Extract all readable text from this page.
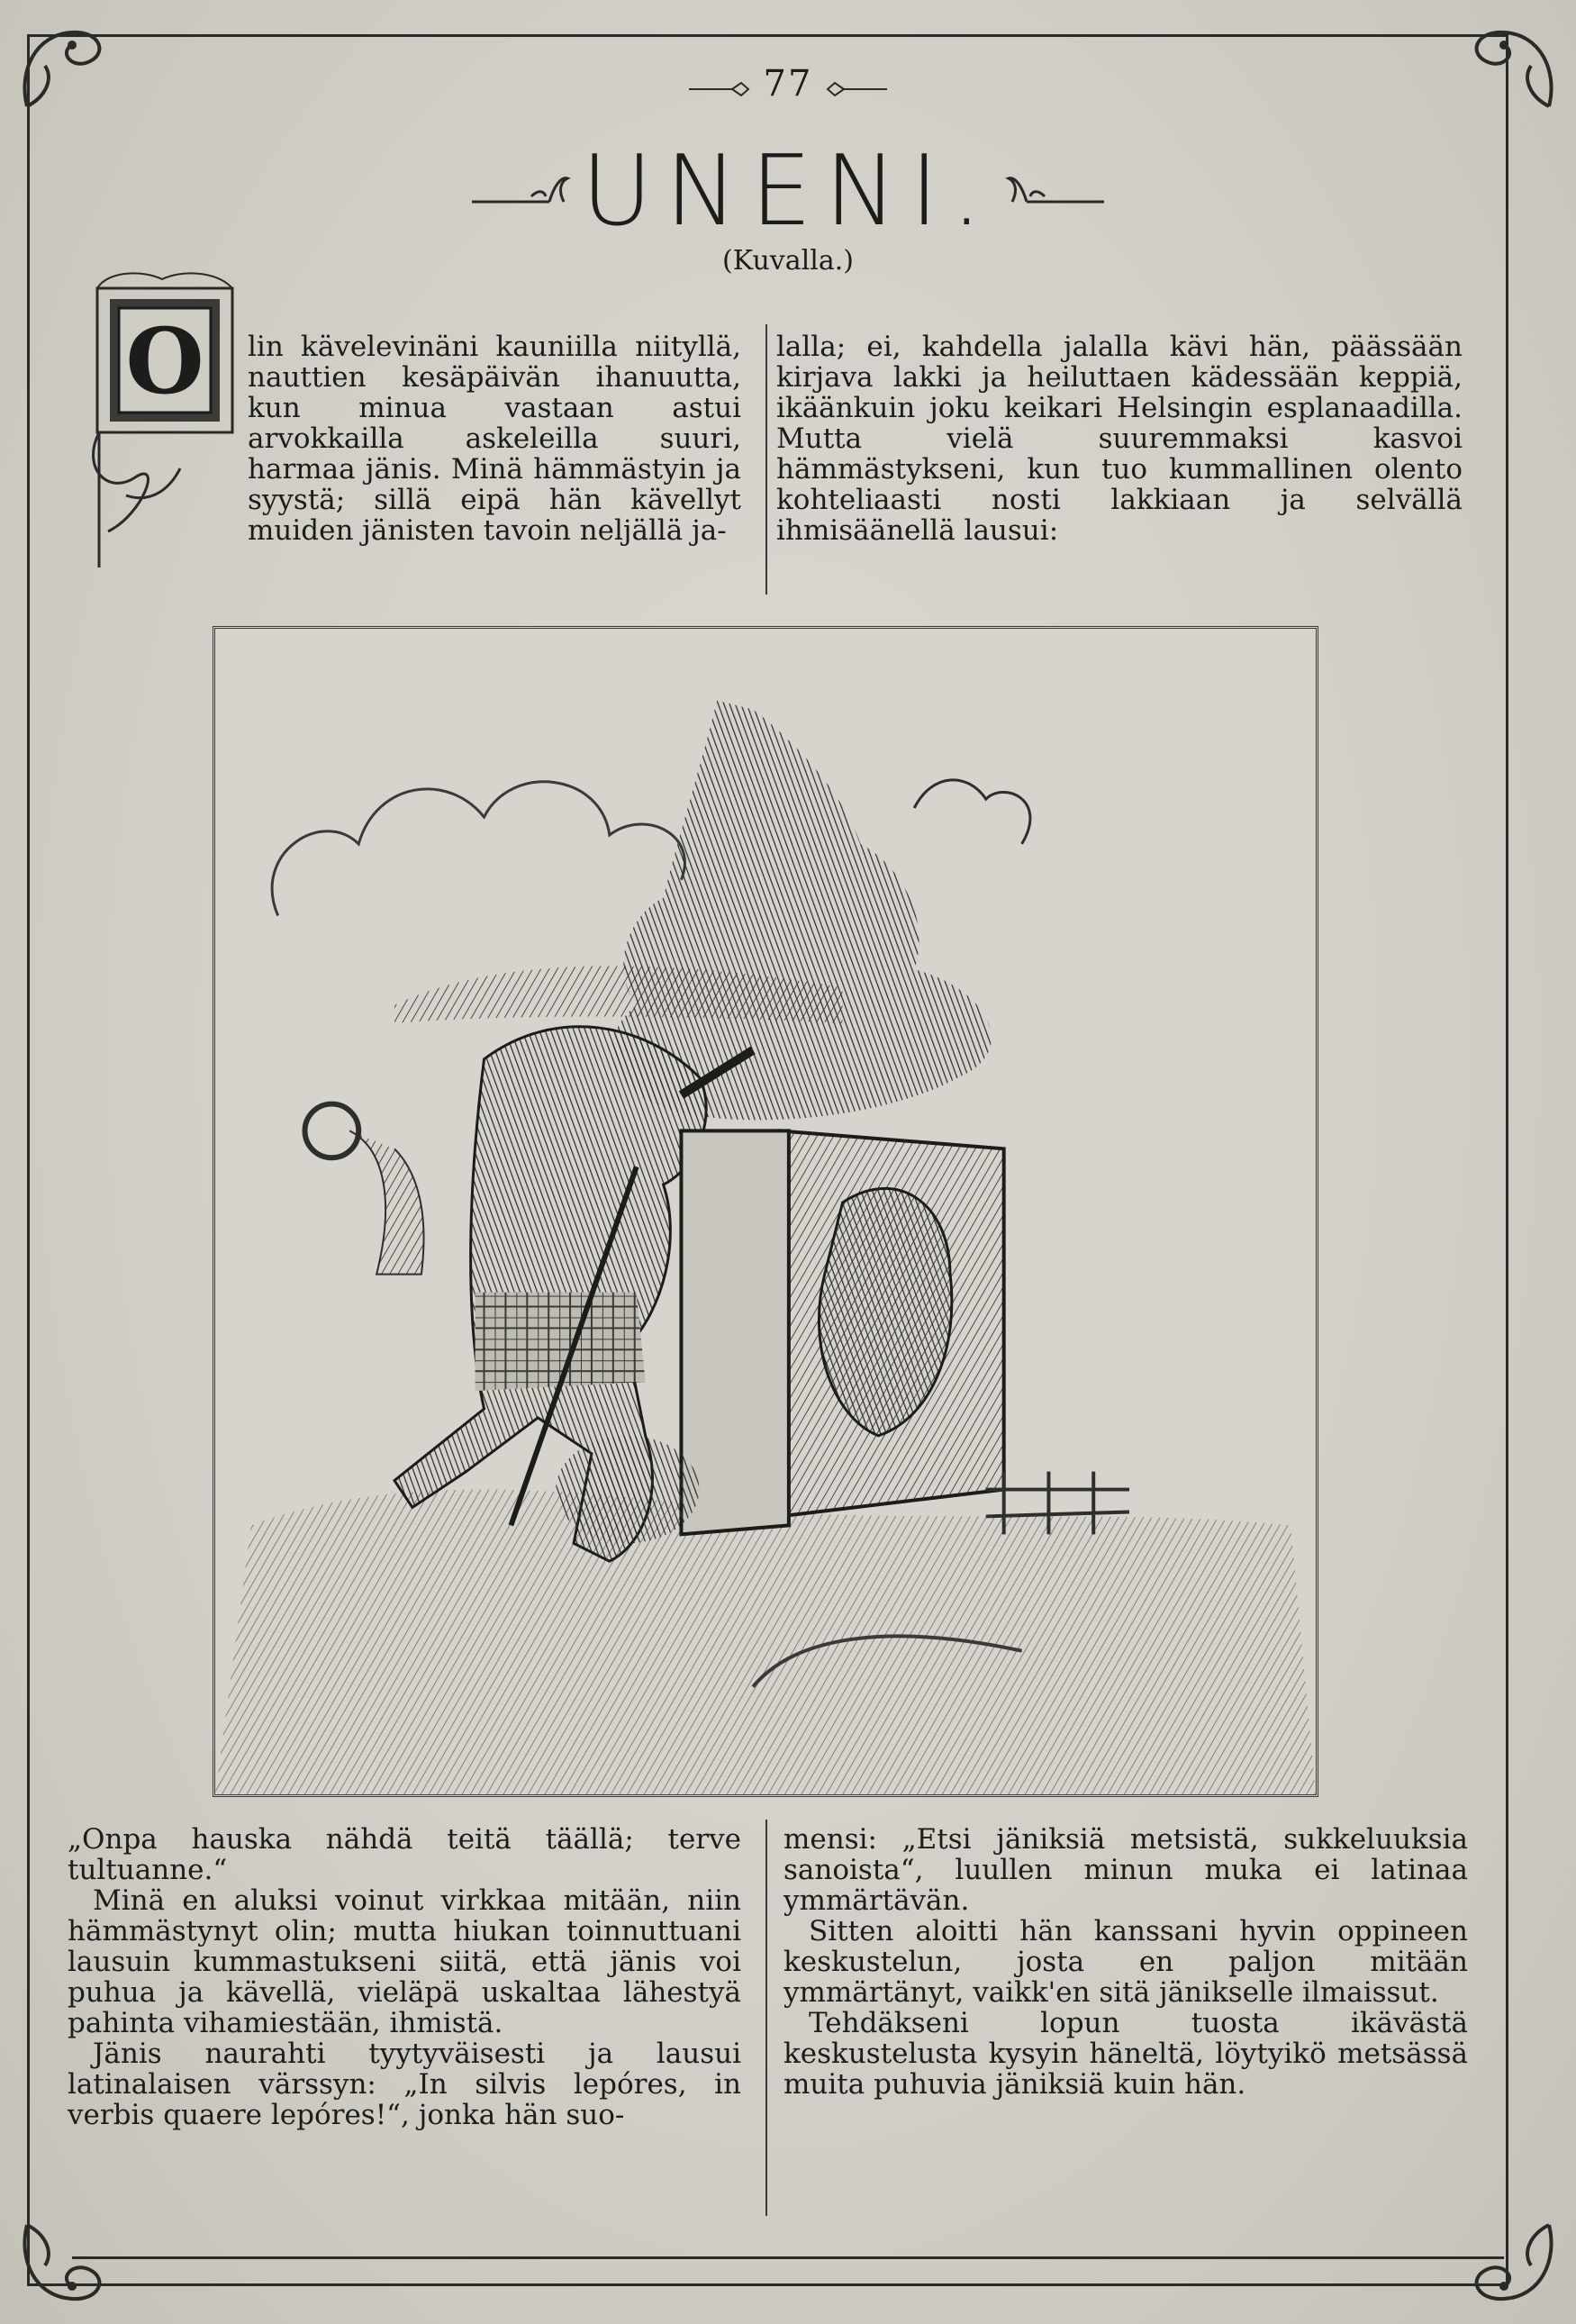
77
UNENI.
(Kuvalla.)
O lin kävelevinäni kauniilla niityllä, nauttien kesäpäivän ihanuutta, kun minua vastaan astui arvokkailla askeleilla suuri, harmaa jänis. Minä hämmästyin ja syystä; sillä eipä hän kävellyt muiden jänisten tavoin neljällä ja-

lalla; ei, kahdella jalalla kävi hän, päässään kirjava lakki ja heiluttaen kädessään keppiä, ikäänkuin joku keikari Helsingin esplanaadilla. Mutta vielä suuremmaksi kasvoi hämmästykseni, kun tuo kummallinen olento kohteliaasti nosti lakkiaan ja selvällä ihmisäänellä lausui:

„Onpa hauska nähdä teitä täällä; terve tultuanne.“

Minä en aluksi voinut virkkaa mitään, niin hämmästynyt olin; mutta hiukan toinnuttuani lausuin kummastukseni siitä, että jänis voi puhua ja kävellä, vieläpä uskaltaa lähestyä pahinta vihamiestään, ihmistä.

Jänis naurahti tyytyväisesti ja lausui latinalaisen värssyn: „In silvis lepóres, in verbis quaere lepóres!“, jonka hän suo-

mensi: „Etsi jäniksiä metsistä, sukkeluuksia sanoista“, luullen minun muka ei latinaa ymmärtävän.

Sitten aloitti hän kanssani hyvin oppineen keskustelun, josta en paljon mitään ymmärtänyt, vaikk'en sitä jänikselle ilmaissut.

Tehdäkseni lopun tuosta ikävästä keskustelusta kysyin häneltä, löytyikö metsässä muita puhuvia jäniksiä kuin hän.
